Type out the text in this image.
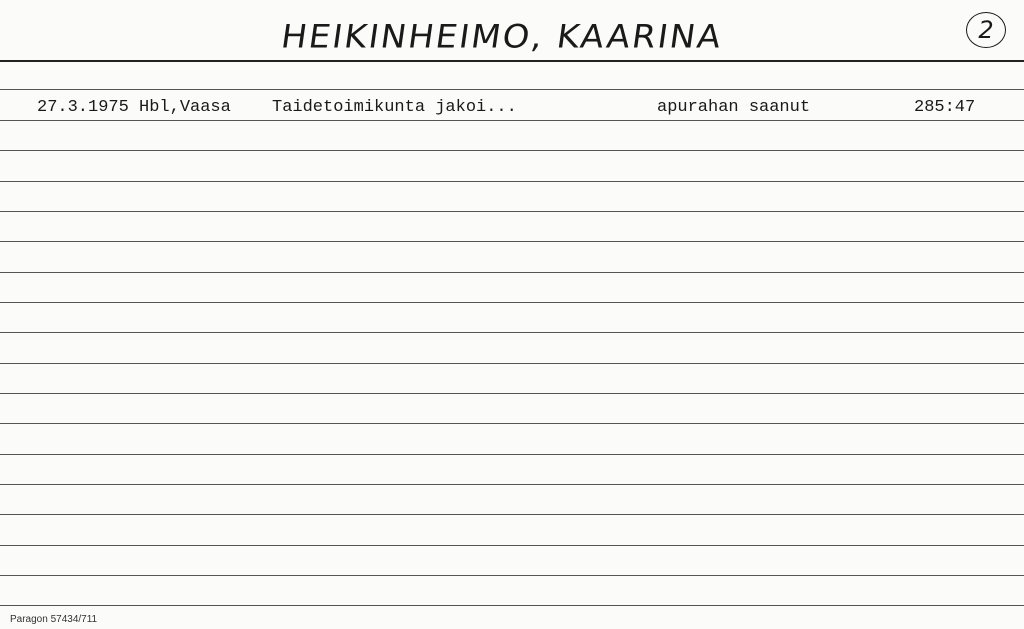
HEIKINHEIMO, KAARINA	2
27.3.1975 Hbl,Vaasa Taidetoimikunta jakoi...	apurahan saanut	285:47
Paragon 57434/711
